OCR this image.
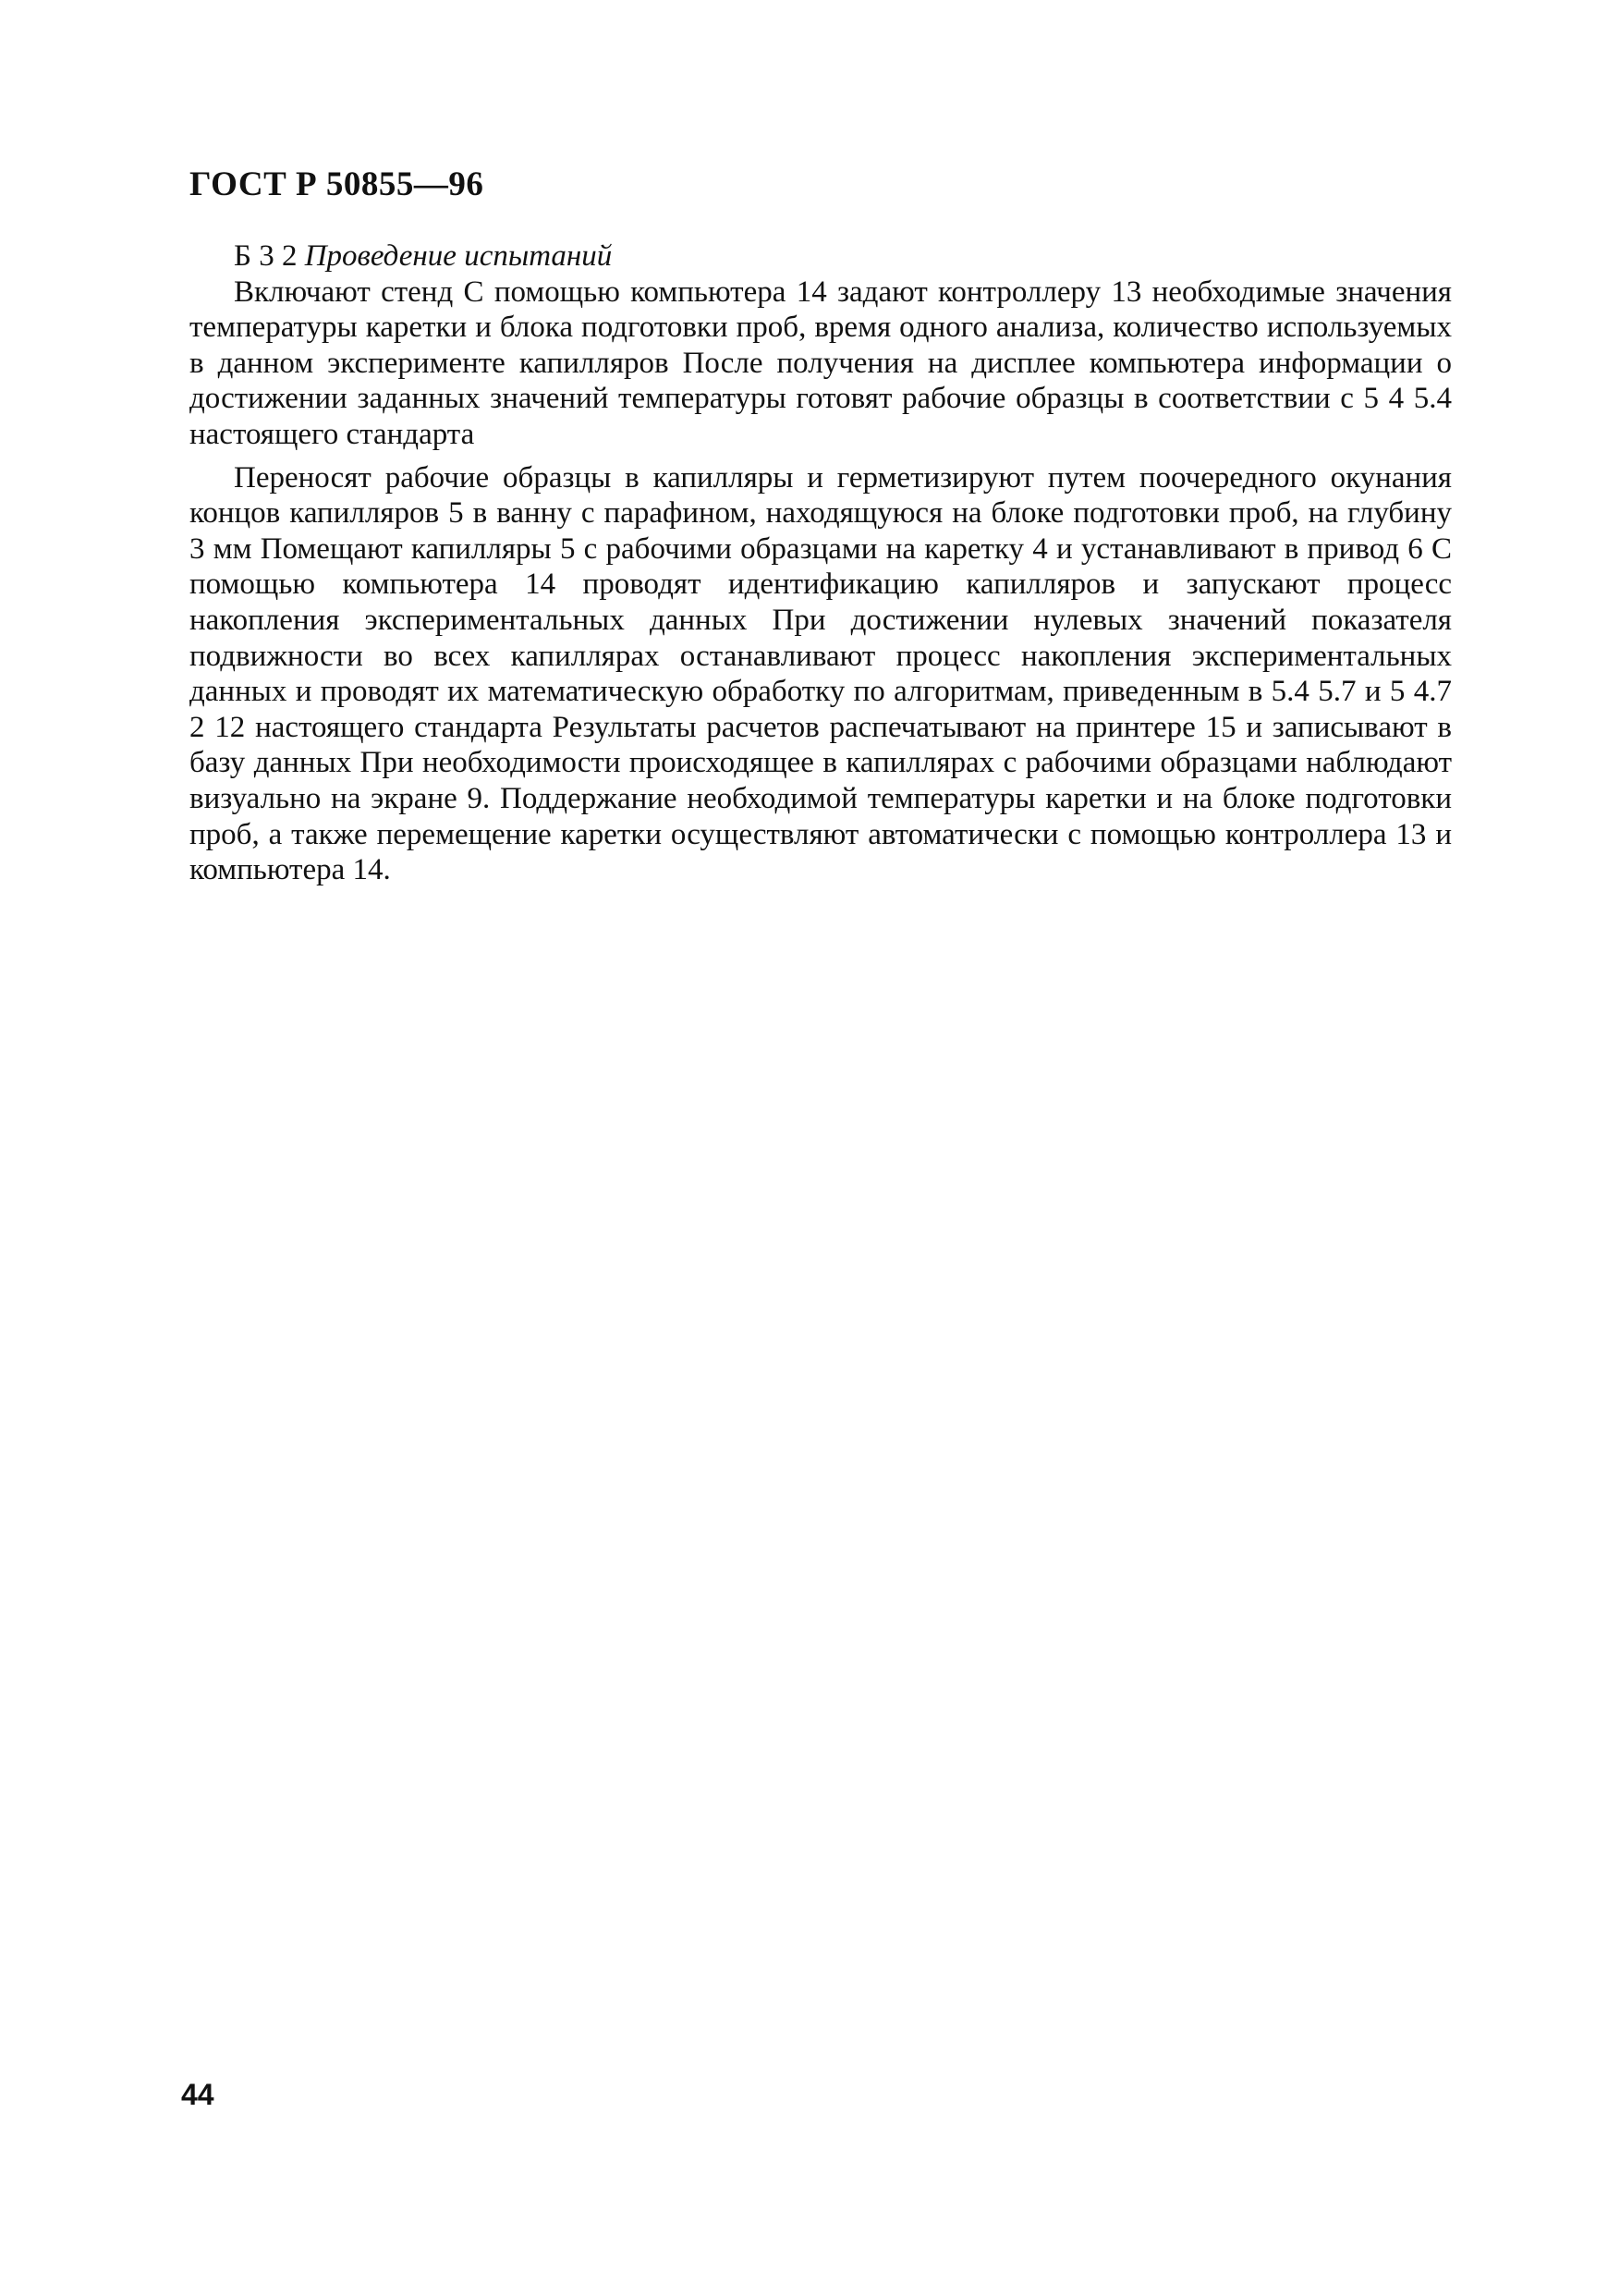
ГОСТ Р 50855—96

Б 3 2 Проведение испытаний

Включают стенд С помощью компьютера 14 задают контроллеру 13 необходимые значения температуры каретки и блока подготовки проб, время одного анализа, количество используемых в данном эксперименте капилляров После получения на дисплее компьютера информации о достижении заданных значений температуры готовят рабочие образцы в соответствии с 5 4 5.4 настоящего стандарта

Переносят рабочие образцы в капилляры и герметизируют путем поочередного окунания концов капилляров 5 в ванну с парафином, находящуюся на блоке подготовки проб, на глубину 3 мм Помещают капилляры 5 с рабочими образцами на каретку 4 и устанавливают в привод 6 С помощью компьютера 14 проводят идентификацию капилляров и запускают процесс накопления экспериментальных данных При достижении нулевых значений показателя подвижности во всех капиллярах останавливают процесс накопления экспериментальных данных и проводят их математическую обработку по алгоритмам, приведенным в 5.4 5.7 и 5 4.7 2 12 настоящего стандарта Результаты расчетов распечатывают на принтере 15 и записывают в базу данных При необходимости происходящее в капиллярах с рабочими образцами наблюдают визуально на экране 9. Поддержание необходимой температуры каретки и на блоке подготовки проб, а также перемещение каретки осуществляют автоматически с помощью контроллера 13 и компьютера 14.

44
